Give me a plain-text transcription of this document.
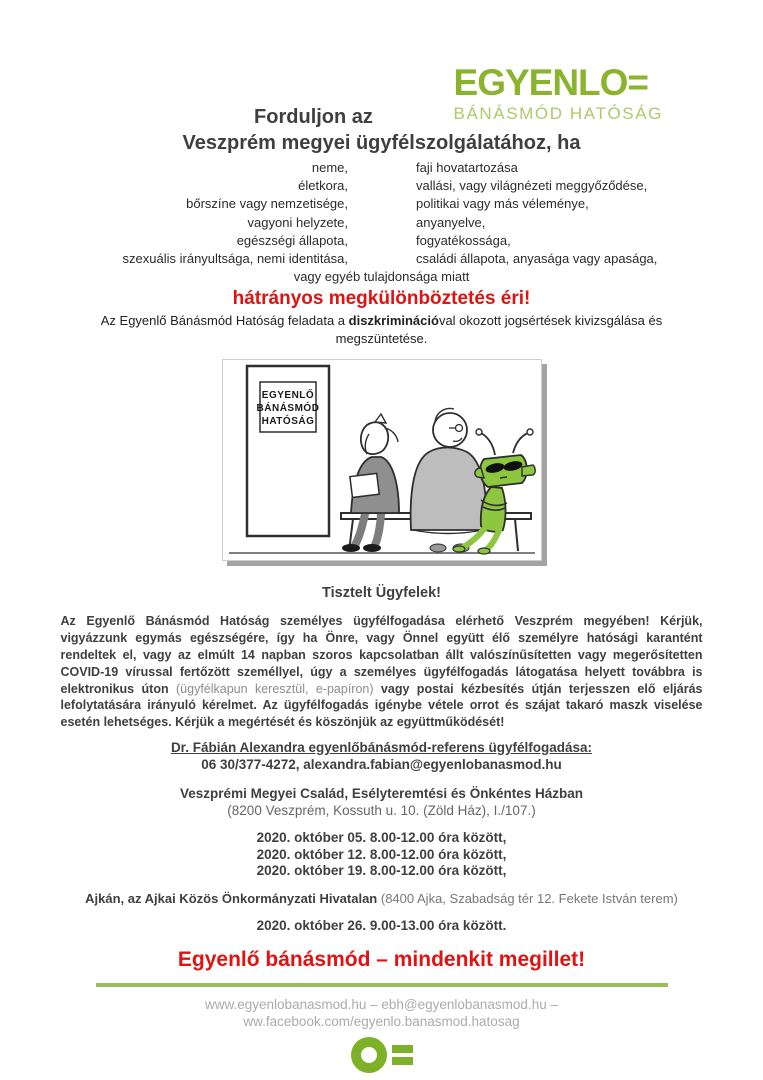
EGYENLO=
BÁNÁSMÓD HATÓSÁG
Forduljon az
Veszprém megyei ügyfélszolgálatához, ha
neme,	faji hovatartozása
életkora,	vallási, vagy világnézeti meggyőződése,
bőrszíne vagy nemzetisége,	politikai vagy más véleménye,
vagyoni helyzete,	anyanyelve,
egészségi állapota,	fogyatékossága,
szexuális irányultsága, nemi identitása,	családi állapota, anyasága vagy apasága,
vagy egyéb tulajdonsága miatt
hátrányos megkülönböztetés éri!
Az Egyenlő Bánásmód Hatóság feladata a diszkriminációval okozott jogsértések kivizsgálása és megszüntetése.
EGYENLŐ
BÁNÁSMÓD
HATÓSÁG
Tisztelt Ügyfelek!
Az Egyenlő Bánásmód Hatóság személyes ügyfélfogadása elérhető Veszprém megyében! Kérjük, vigyázzunk egymás egészségére, így ha Önre, vagy Önnel együtt élő személyre hatósági karantént rendeltek el, vagy az elmúlt 14 napban szoros kapcsolatban állt valószínűsítetten vagy megerősítetten COVID-19 vírussal fertőzött személlyel, úgy a személyes ügyfélfogadás látogatása helyett továbbra is elektronikus úton (ügyfélkapun keresztül, e-papíron) vagy postai kézbesítés útján terjesszen elő eljárás lefolytatására irányuló kérelmet. Az ügyfélfogadás igénybe vétele orrot és szájat takaró maszk viselése esetén lehetséges. Kérjük a megértését és köszönjük az együttműködését!
Dr. Fábián Alexandra egyenlőbánásmód-referens ügyfélfogadása:
06 30/377-4272, alexandra.fabian@egyenlobanasmod.hu
Veszprémi Megyei Család, Esélyteremtési és Önkéntes Házban
(8200 Veszprém, Kossuth u. 10. (Zöld Ház), I./107.)
2020. október 05. 8.00-12.00 óra között,
2020. október 12. 8.00-12.00 óra között,
2020. október 19. 8.00-12.00 óra között,
Ajkán, az Ajkai Közös Önkormányzati Hivatalan (8400 Ajka, Szabadság tér 12. Fekete István terem)
2020. október 26. 9.00-13.00 óra között.
Egyenlő bánásmód – mindenkit megillet!
www.egyenlobanasmod.hu – ebh@egyenlobanasmod.hu –
ww.facebook.com/egyenlo.banasmod.hatosag
